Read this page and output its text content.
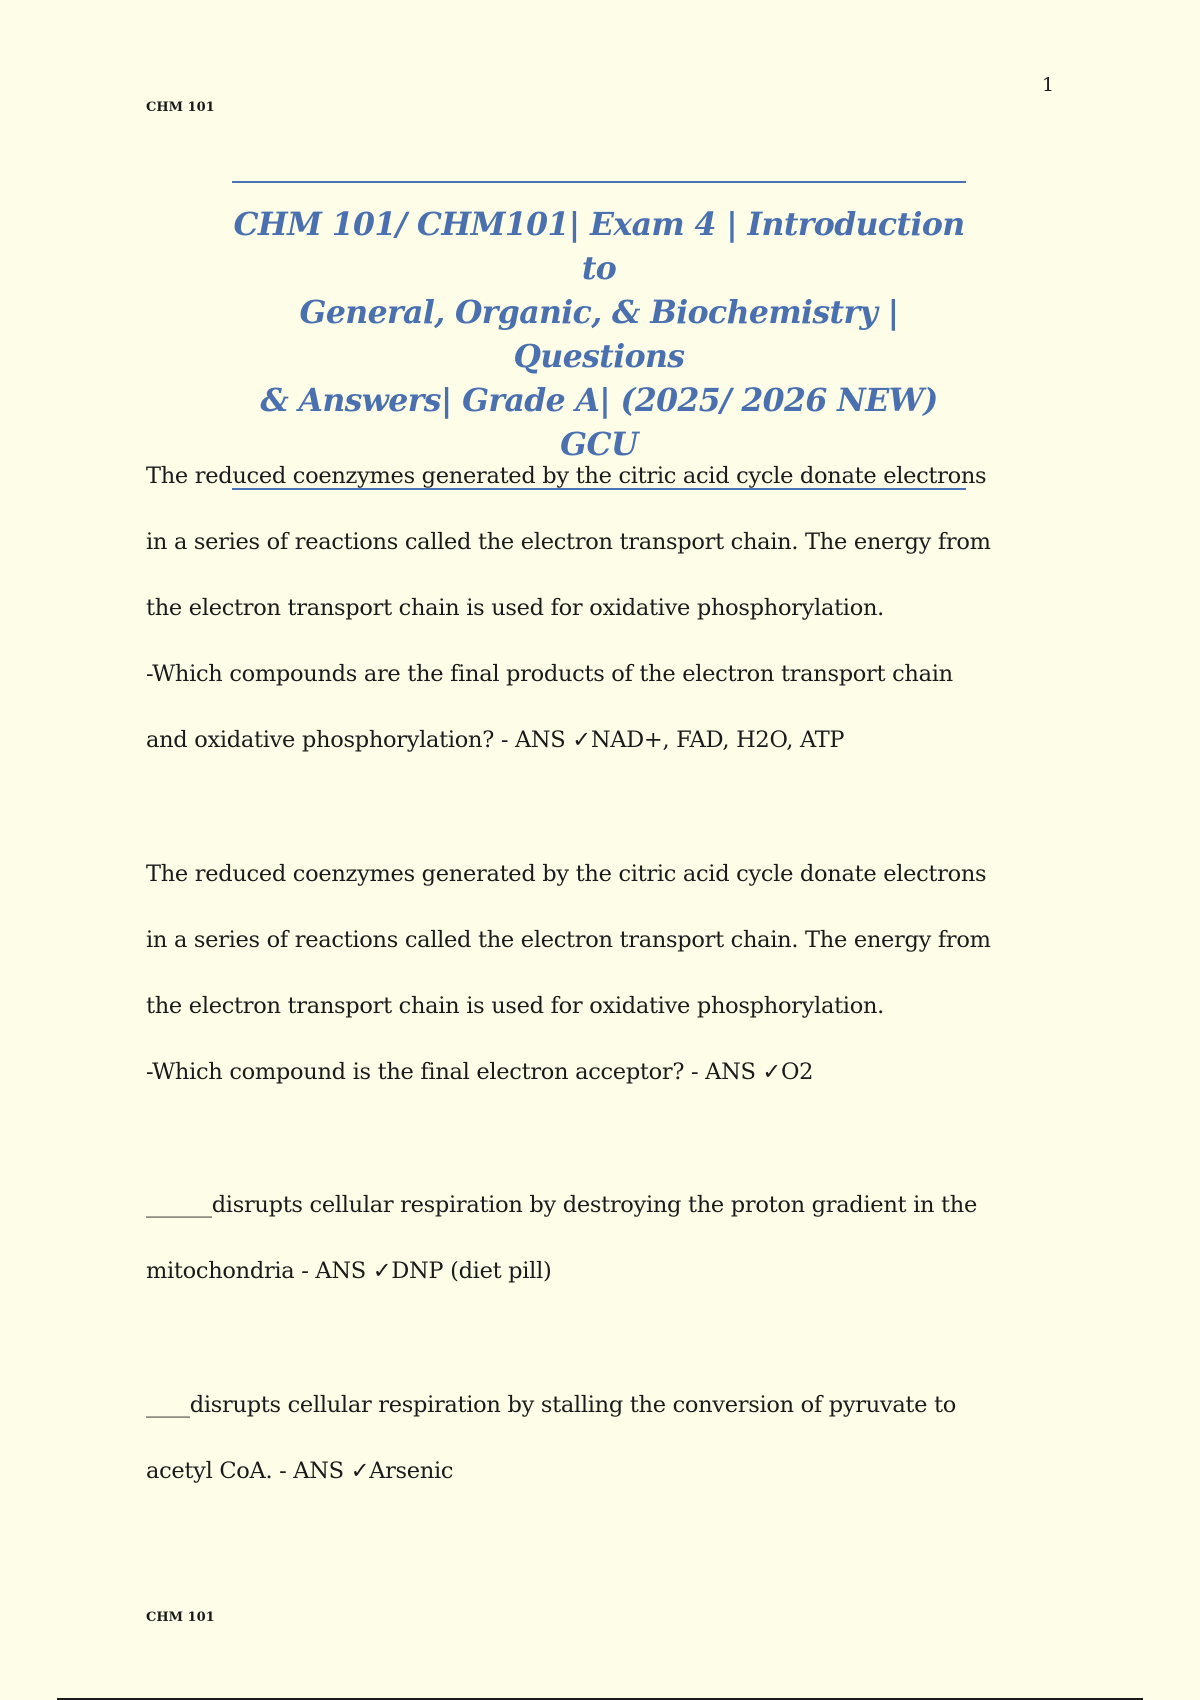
1
CHM 101

CHM 101/ CHM101| Exam 4 | Introduction to
General, Organic, & Biochemistry | Questions
& Answers| Grade A| (2025/ 2026 NEW) GCU

The reduced coenzymes generated by the citric acid cycle donate electrons
in a series of reactions called the electron transport chain. The energy from
the electron transport chain is used for oxidative phosphorylation.
-Which compounds are the final products of the electron transport chain
and oxidative phosphorylation? - ANS ✓NAD+, FAD, H2O, ATP

The reduced coenzymes generated by the citric acid cycle donate electrons
in a series of reactions called the electron transport chain. The energy from
the electron transport chain is used for oxidative phosphorylation.
-Which compound is the final electron acceptor? - ANS ✓O2

______disrupts cellular respiration by destroying the proton gradient in the
mitochondria - ANS ✓DNP (diet pill)

____disrupts cellular respiration by stalling the conversion of pyruvate to
acetyl CoA. - ANS ✓Arsenic

CHM 101
